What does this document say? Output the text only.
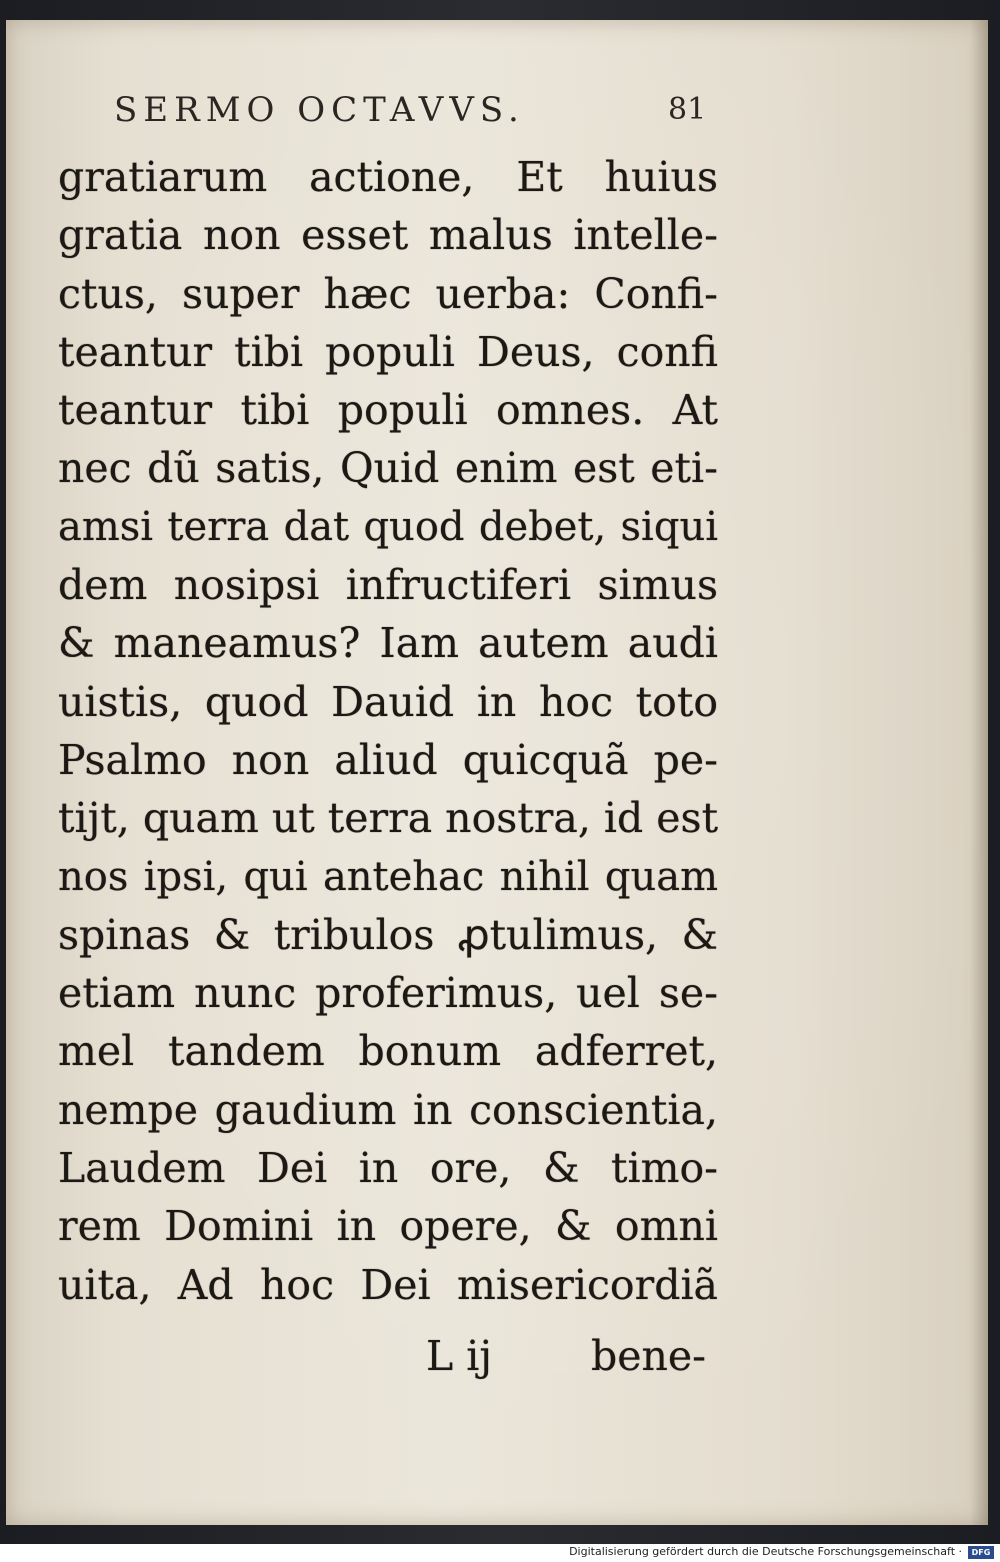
SERMO OCTAVVS.	81
gratiarum actione, Et huius
gratia non esset malus intelle-
ctus, super hæc uerba: Confi-
teantur tibi populi Deus, confi
teantur tibi populi omnes. At
nec dũ satis, Quid enim est eti-
amsi terra dat quod debet, siqui
dem nosipsi infructiferi simus
& maneamus? Iam autem audi
uistis, quod Dauid in hoc toto
Psalmo non aliud quicquã pe-
tijt, quam ut terra nostra, id est
nos ipsi, qui antehac nihil quam
spinas & tribulos ꝓtulimus, &
etiam nunc proferimus, uel se-
mel tandem bonum adferret,
nempe gaudium in conscientia,
Laudem Dei in ore, & timo-
rem Domini in opere, & omni
uita, Ad hoc Dei misericordiã
L ij bene-
Digitalisierung gefördert durch die Deutsche Forschungsgemeinschaft ·	DFG
